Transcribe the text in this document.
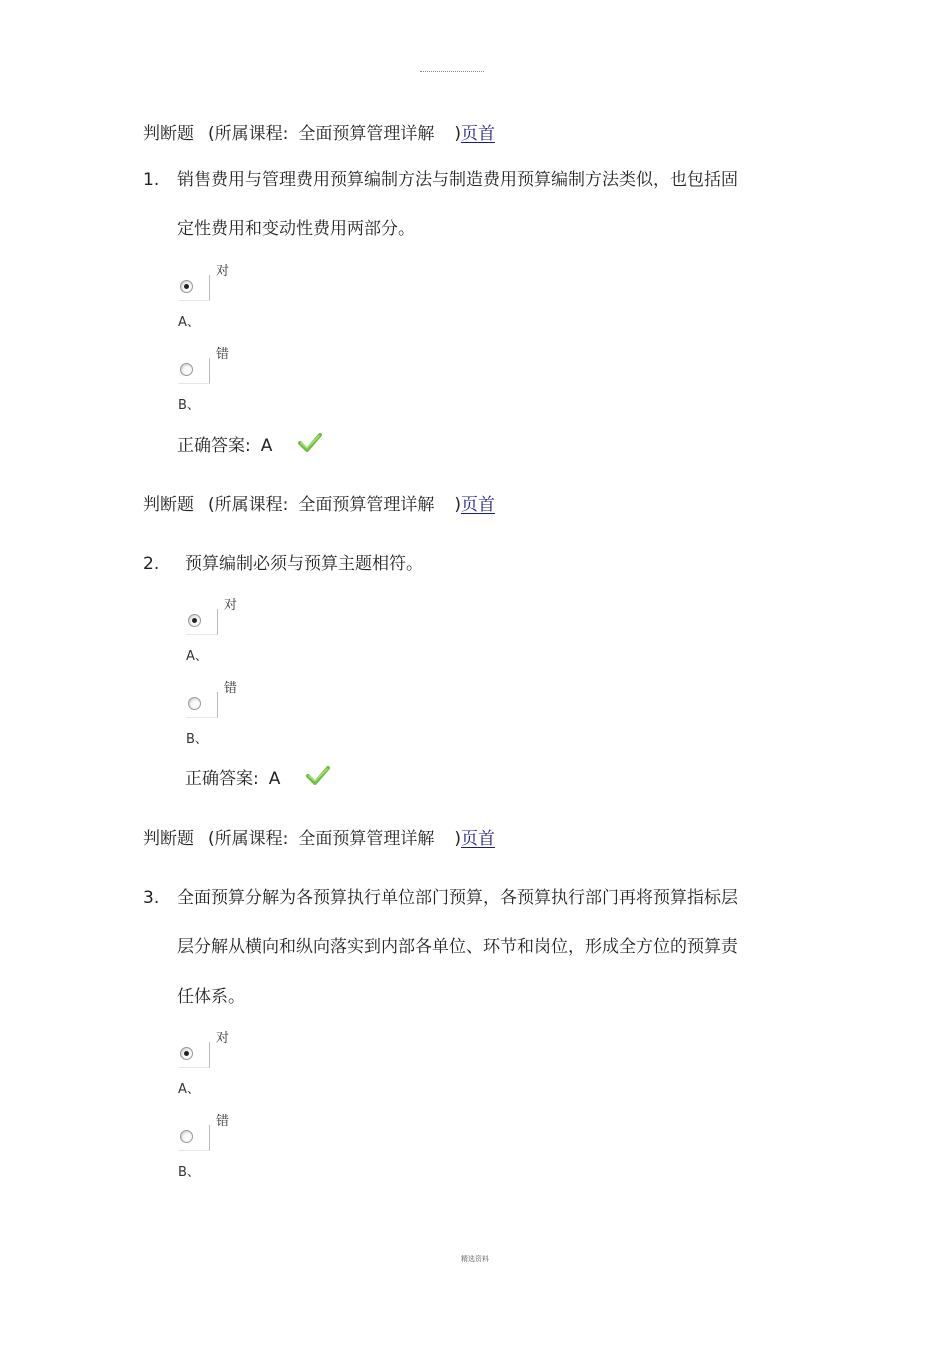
判断题 (所属课程: 全面预算管理详解 )页首
1. 销售费用与管理费用预算编制方法与制造费用预算编制方法类似，也包括固
定性费用和变动性费用两部分。
对
A、
错
B、
正确答案: A
判断题 (所属课程: 全面预算管理详解 )页首
2. 预算编制必须与预算主题相符。
对
A、
错
B、
正确答案: A
判断题 (所属课程: 全面预算管理详解 )页首
3. 全面预算分解为各预算执行单位部门预算，各预算执行部门再将预算指标层
层分解从横向和纵向落实到内部各单位、环节和岗位，形成全方位的预算责
任体系。
对
A、
错
B、
精选资料
